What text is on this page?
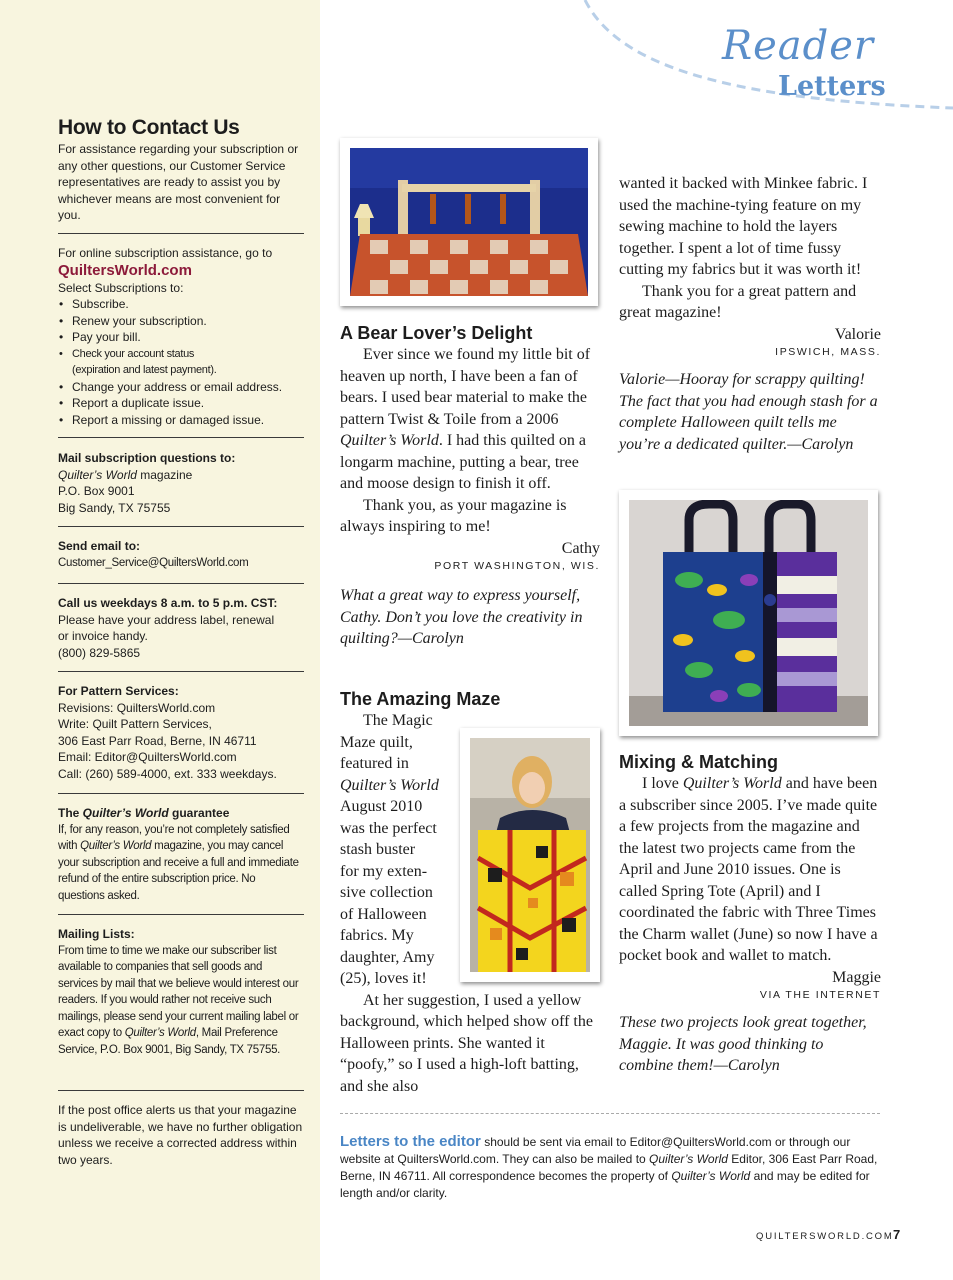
How to Contact Us
For assistance regarding your subscription or any other questions, our Customer Service representatives are ready to assist you by whichever means are most convenient for you.
For online subscription assistance, go to
QuiltersWorld.com
Select Subscriptions to:
• Subscribe.
• Renew your subscription.
• Pay your bill.
• Check your account status
(expiration and latest payment).
• Change your address or email address.
• Report a duplicate issue.
• Report a missing or damaged issue.
Mail subscription questions to:
Quilter’s World magazine
P.O. Box 9001
Big Sandy, TX 75755
Send email to:
Customer_Service@QuiltersWorld.com
Call us weekdays 8 a.m. to 5 p.m. CST:
Please have your address label, renewal
or invoice handy.
(800) 829-5865
For Pattern Services:
Revisions: QuiltersWorld.com
Write: Quilt Pattern Services,
306 East Parr Road, Berne, IN 46711
Email: Editor@QuiltersWorld.com
Call: (260) 589-4000, ext. 333 weekdays.
The Quilter’s World guarantee
If, for any reason, you’re not completely satisfied with Quilter’s World magazine, you may cancel your subscription and receive a full and immediate refund of the entire subscription price. No questions asked.
Mailing Lists:
From time to time we make our subscriber list available to companies that sell goods and services by mail that we believe would interest our readers. If you would rather not receive such mailings, please send your current mailing label or exact copy to Quilter’s World, Mail Preference Service, P.O. Box 9001, Big Sandy, TX 75755.
If the post office alerts us that your magazine is undeliverable, we have no further obligation unless we receive a corrected address within two years.
Reader
Letters
A Bear Lover’s Delight

Ever since we found my little bit of heaven up north, I have been a fan of bears. I used bear material to make the pattern Twist & Toile from a 2006 Quilter’s World. I had this quilted on a longarm machine, putting a bear, tree and moose design to finish it off.

Thank you, as your magazine is always inspiring to me!

Cathy
PORT WASHINGTON, WIS.

What a great way to express yourself, Cathy. Don’t you love the creativity in quilting?—Carolyn

The Amazing Maze
The Magic
Maze quilt,
featured in
Quilter’s World
August 2010
was the perfect
stash buster
for my exten-
sive collection
of Halloween
fabrics. My
daughter, Amy
(25), loves it!

At her suggestion, I used a yellow background, which helped show off the Halloween prints. She wanted it “poofy,” so I used a high-loft batting, and she also

wanted it backed with Minkee fabric. I used the machine-tying feature on my sewing machine to hold the layers together. I spent a lot of time fussy cutting my fabrics but it was worth it!

Thank you for a great pattern and great magazine!

Valorie
IPSWICH, MASS.

Valorie—Hooray for scrappy quilting! The fact that you had enough stash for a complete Halloween quilt tells me you’re a dedicated quilter.—Carolyn

Mixing & Matching

I love Quilter’s World and have been a subscriber since 2005. I’ve made quite a few projects from the magazine and the latest two projects came from the April and June 2010 issues. One is called Spring Tote (April) and I coordinated the fabric with Three Times the Charm wallet (June) so now I have a pocket book and wallet to match.

Maggie
VIA THE INTERNET

These two projects look great together, Maggie. It was good thinking to combine them!—Carolyn

Letters to the editor should be sent via email to Editor@QuiltersWorld.com or through our website at QuiltersWorld.com. They can also be mailed to Quilter’s World Editor, 306 East Parr Road, Berne, IN 46711. All correspondence becomes the property of Quilter’s World and may be edited for length and/or clarity.
QUILTERSWORLD.COM 7
